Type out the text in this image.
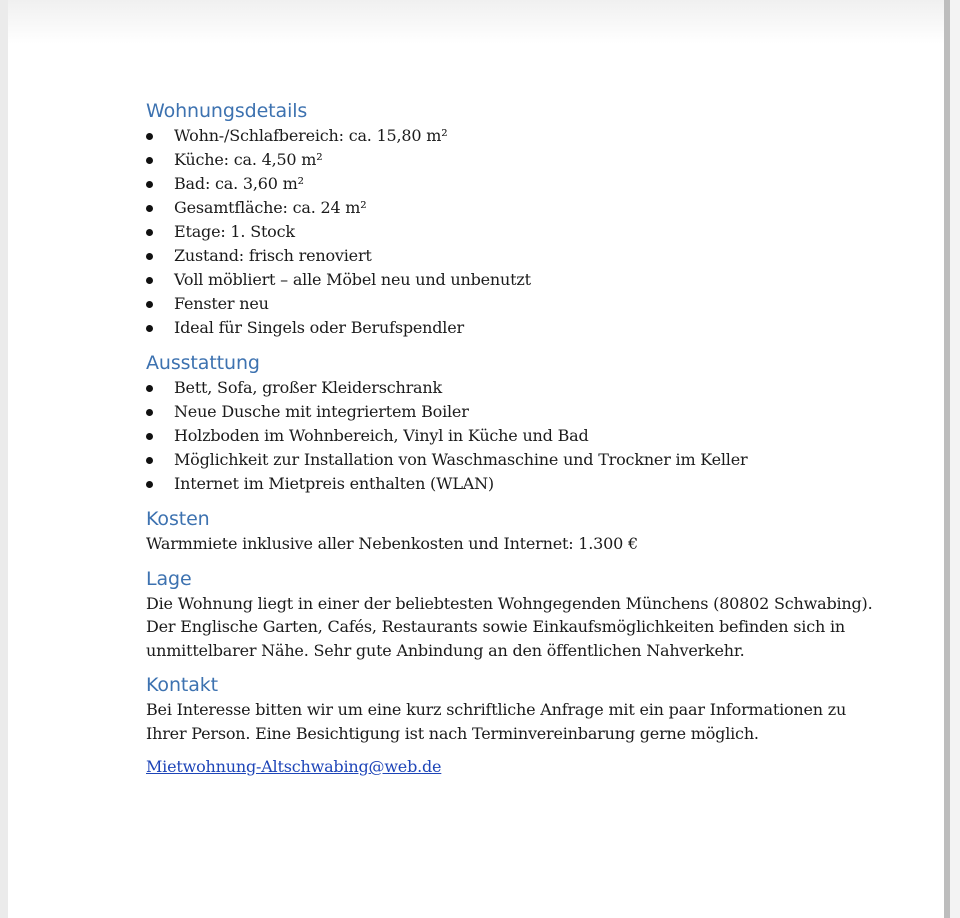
Wohnungsdetails
Wohn-/Schlafbereich: ca. 15,80 m²
Küche: ca. 4,50 m²
Bad: ca. 3,60 m²
Gesamtfläche: ca. 24 m²
Etage: 1. Stock
Zustand: frisch renoviert
Voll möbliert – alle Möbel neu und unbenutzt
Fenster neu
Ideal für Singels oder Berufspendler
Ausstattung
Bett, Sofa, großer Kleiderschrank
Neue Dusche mit integriertem Boiler
Holzboden im Wohnbereich, Vinyl in Küche und Bad
Möglichkeit zur Installation von Waschmaschine und Trockner im Keller
Internet im Mietpreis enthalten (WLAN)
Kosten

Warmmiete inklusive aller Nebenkosten und Internet: 1.300 €

Lage

Die Wohnung liegt in einer der beliebtesten Wohngegenden Münchens (80802 Schwabing).
Der Englische Garten, Cafés, Restaurants sowie Einkaufsmöglichkeiten befinden sich in
unmittelbarer Nähe. Sehr gute Anbindung an den öffentlichen Nahverkehr.

Kontakt

Bei Interesse bitten wir um eine kurz schriftliche Anfrage mit ein paar Informationen zu
Ihrer Person. Eine Besichtigung ist nach Terminvereinbarung gerne möglich.

Mietwohnung-Altschwabing@web.de
